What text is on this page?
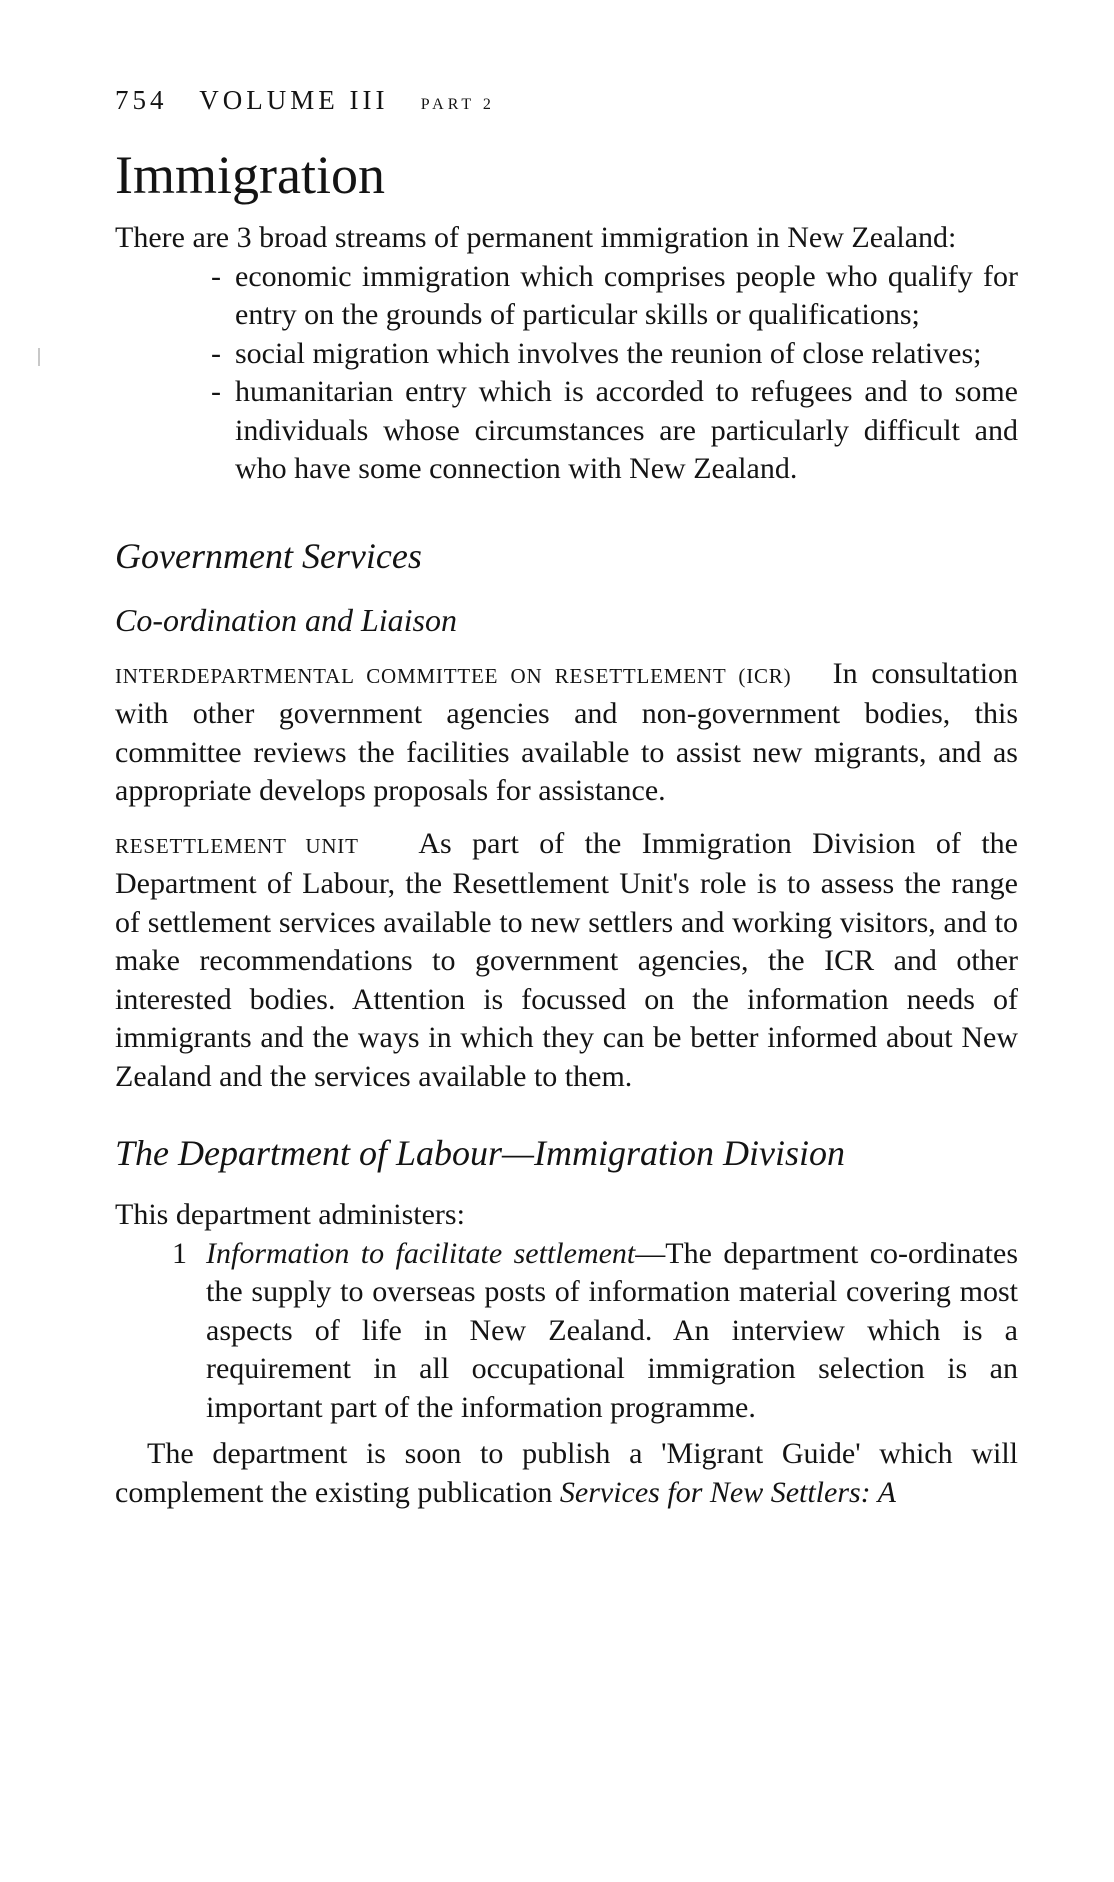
754 VOLUME III PART 2
Immigration

There are 3 broad streams of permanent immigration in New Zealand:

- economic immigration which comprises people who qualify for entry on the grounds of particular skills or qualifications;
- social migration which involves the reunion of close relatives;
- humanitarian entry which is accorded to refugees and to some individuals whose circumstances are particularly difficult and who have some connection with New Zealand.
Government Services
Co-ordination and Liaison

INTERDEPARTMENTAL COMMITTEE ON RESETTLEMENT (ICR) In consultation with other government agencies and non-government bodies, this committee reviews the facilities available to assist new migrants, and as appropriate develops proposals for assistance.

RESETTLEMENT UNIT As part of the Immigration Division of the Department of Labour, the Resettlement Unit's role is to assess the range of settlement services available to new settlers and working visitors, and to make recommendations to government agencies, the ICR and other interested bodies. Attention is focussed on the information needs of immigrants and the ways in which they can be better informed about New Zealand and the services available to them.

The Department of Labour—Immigration Division

This department administers:

1 Information to facilitate settlement—The department co-ordinates the supply to overseas posts of information material covering most aspects of life in New Zealand. An interview which is a requirement in all occupational immigration selection is an important part of the information programme.

The department is soon to publish a 'Migrant Guide' which will complement the existing publication Services for New Settlers: A
